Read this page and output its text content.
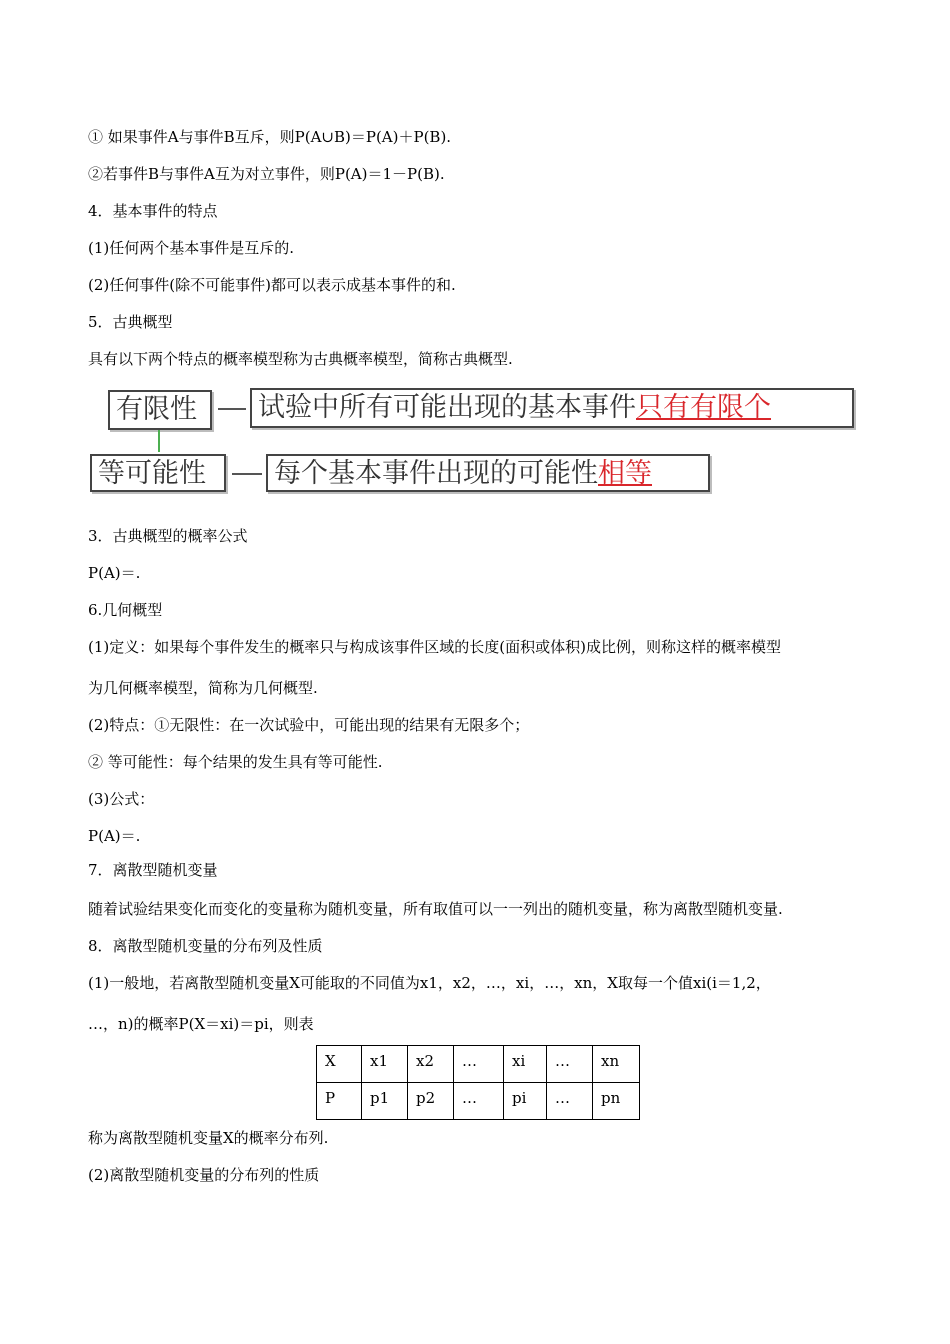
① 如果事件A与事件B互斥，则P(A∪B)＝P(A)＋P(B).
②若事件B与事件A互为对立事件，则P(A)＝1－P(B).
4．基本事件的特点
(1)任何两个基本事件是互斥的.
(2)任何事件(除不可能事件)都可以表示成基本事件的和.
5．古典概型
具有以下两个特点的概率模型称为古典概率模型，简称古典概型.
有限性	试验中所有可能出现的基本事件只有有限个
等可能性	每个基本事件出现的可能性相等
3．古典概型的概率公式
P(A)＝.
6.几何概型
(1)定义：如果每个事件发生的概率只与构成该事件区域的长度(面积或体积)成比例，则称这样的概率模型
为几何概率模型，简称为几何概型.
(2)特点：①无限性：在一次试验中，可能出现的结果有无限多个；
② 等可能性：每个结果的发生具有等可能性.
(3)公式：
P(A)＝.
7．离散型随机变量
随着试验结果变化而变化的变量称为随机变量，所有取值可以一一列出的随机变量，称为离散型随机变量.
8．离散型随机变量的分布列及性质
(1)一般地，若离散型随机变量X可能取的不同值为x1，x2，…，xi，…，xn，X取每一个值xi(i＝1,2，
…，n)的概率P(X＝xi)＝pi，则表
X	x1	x2	…	xi	…	xn
P	p1	p2	…	pi	…	pn
称为离散型随机变量X的概率分布列.
(2)离散型随机变量的分布列的性质
